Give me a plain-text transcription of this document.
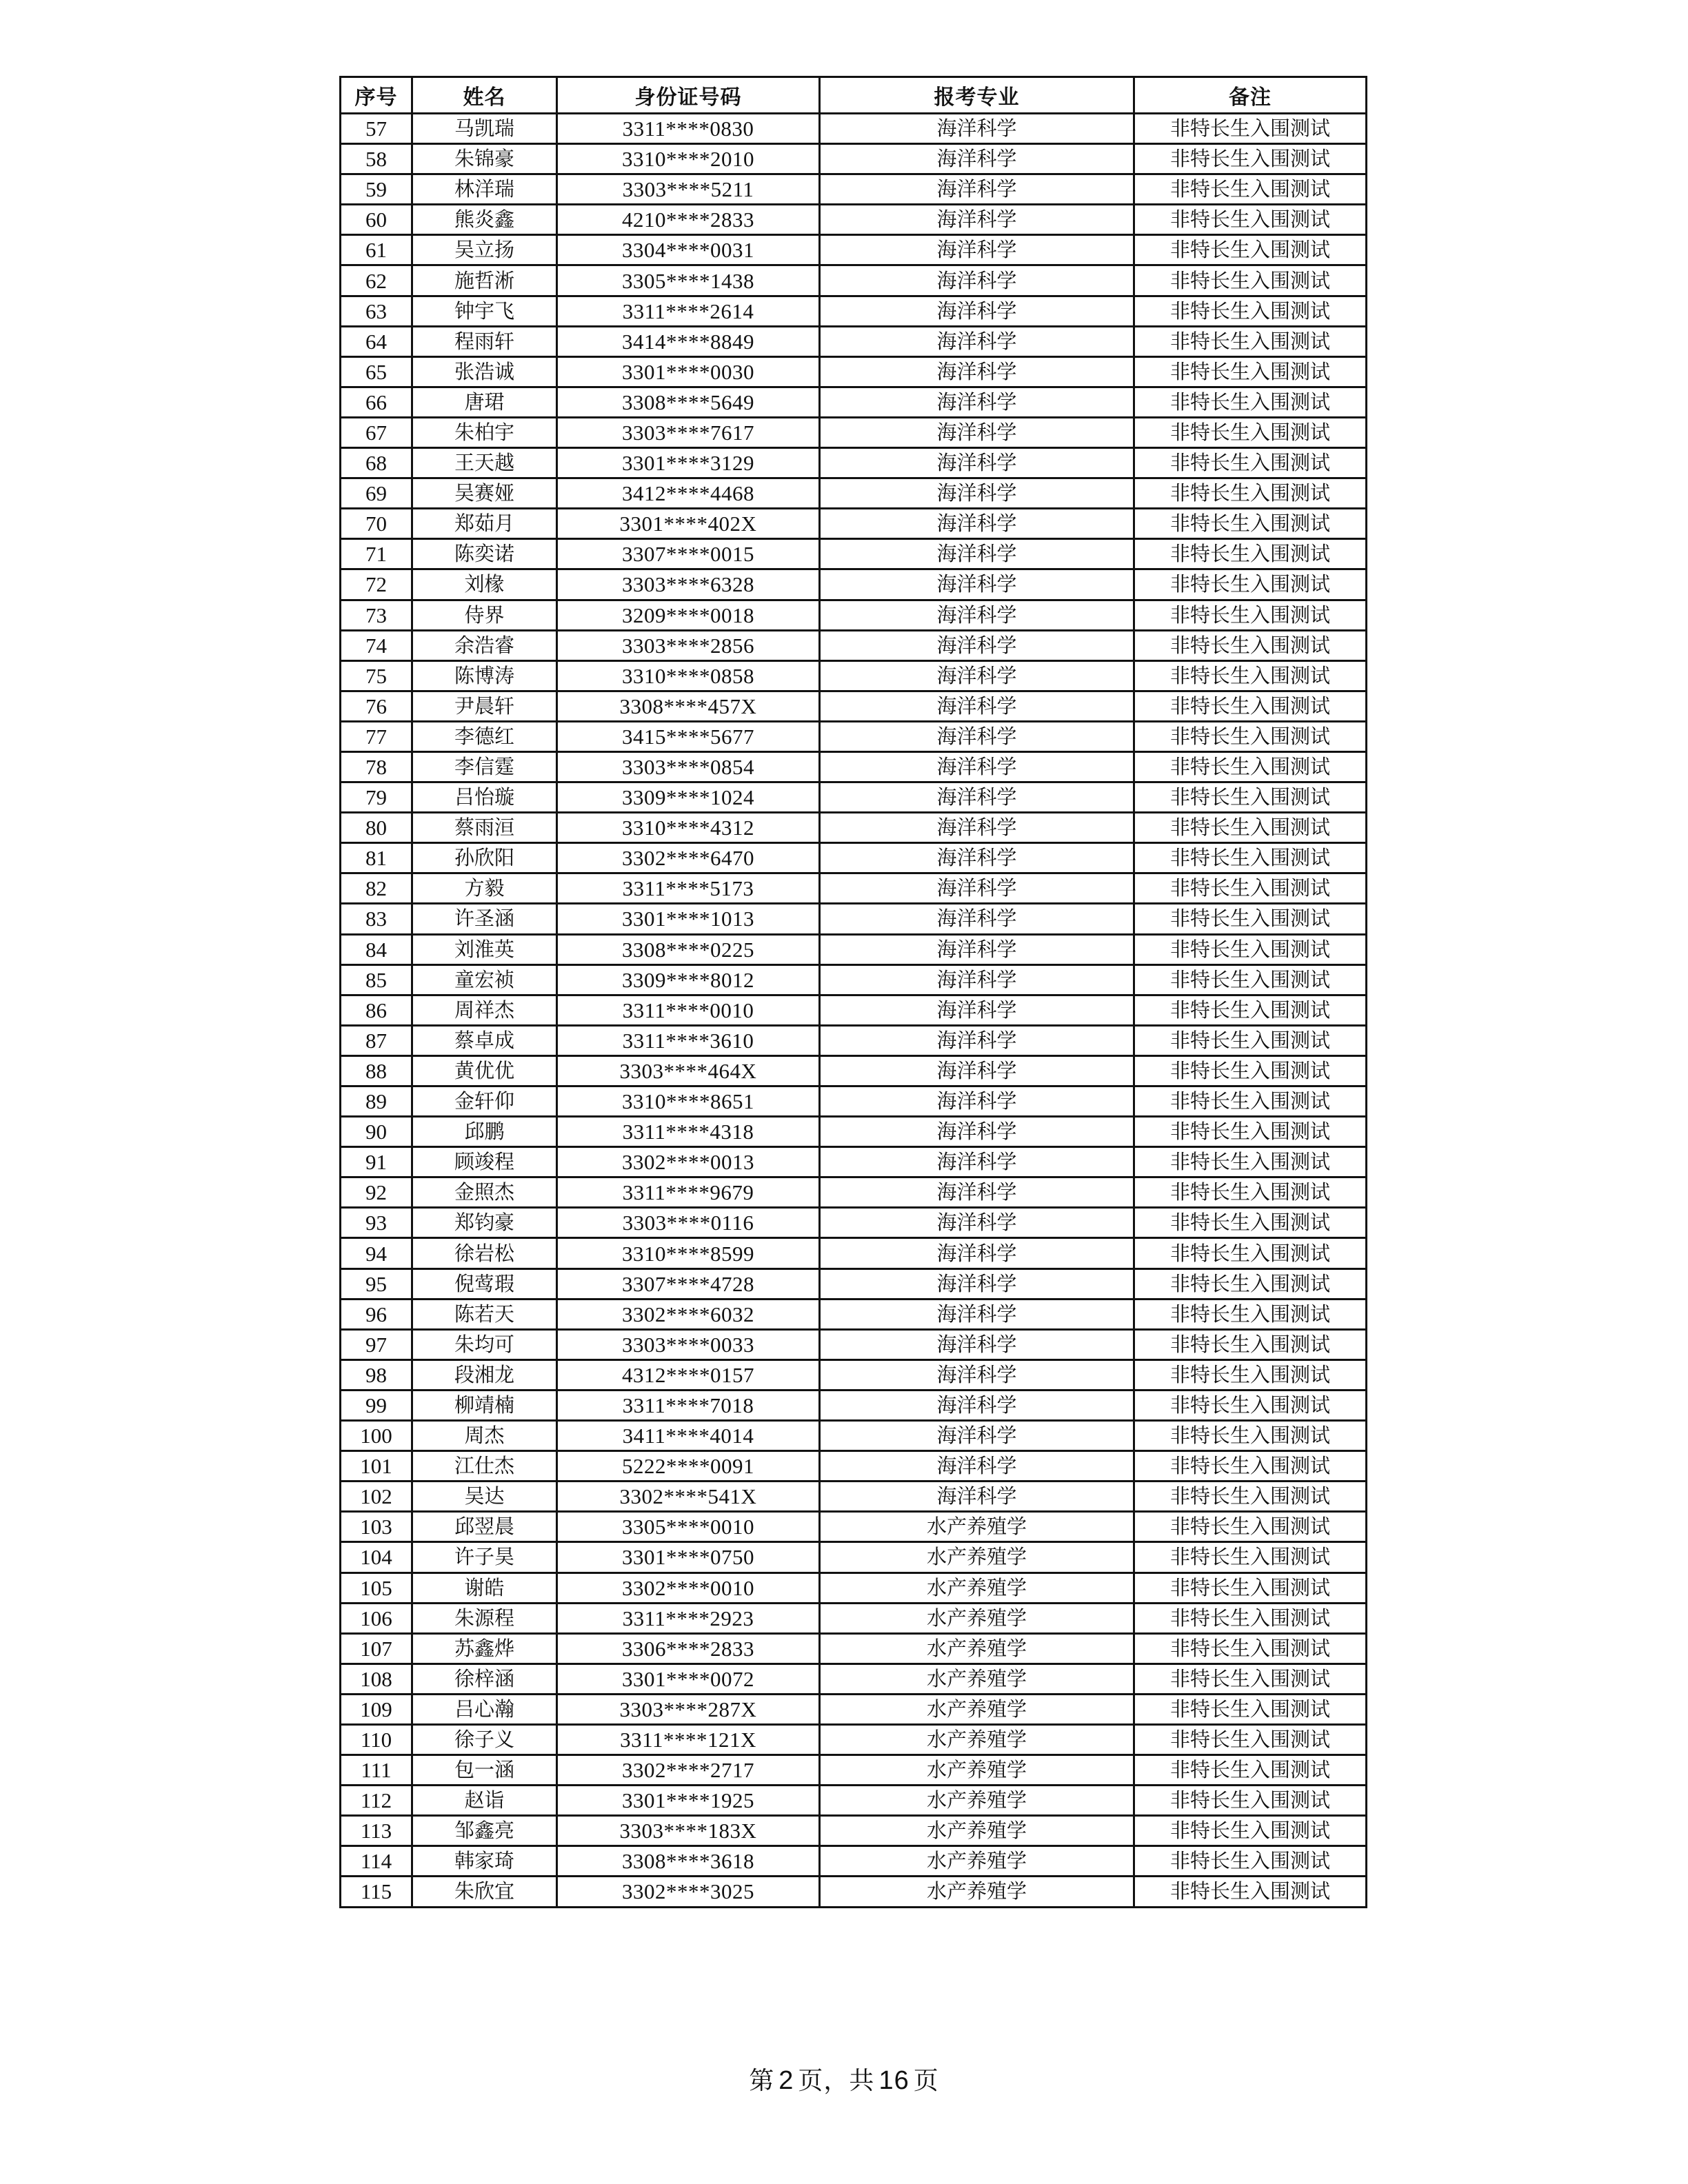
序号	姓名	身份证号码	报考专业	备注
57	马凯瑞	3311****0830	海洋科学	非特长生入围测试
58	朱锦豪	3310****2010	海洋科学	非特长生入围测试
59	林洋瑞	3303****5211	海洋科学	非特长生入围测试
60	熊炎鑫	4210****2833	海洋科学	非特长生入围测试
61	吴立扬	3304****0031	海洋科学	非特长生入围测试
62	施哲淅	3305****1438	海洋科学	非特长生入围测试
63	钟宇飞	3311****2614	海洋科学	非特长生入围测试
64	程雨轩	3414****8849	海洋科学	非特长生入围测试
65	张浩诚	3301****0030	海洋科学	非特长生入围测试
66	唐珺	3308****5649	海洋科学	非特长生入围测试
67	朱柏宇	3303****7617	海洋科学	非特长生入围测试
68	王天越	3301****3129	海洋科学	非特长生入围测试
69	吴赛娅	3412****4468	海洋科学	非特长生入围测试
70	郑茹月	3301****402X	海洋科学	非特长生入围测试
71	陈奕诺	3307****0015	海洋科学	非特长生入围测试
72	刘椽	3303****6328	海洋科学	非特长生入围测试
73	侍界	3209****0018	海洋科学	非特长生入围测试
74	余浩睿	3303****2856	海洋科学	非特长生入围测试
75	陈博涛	3310****0858	海洋科学	非特长生入围测试
76	尹晨轩	3308****457X	海洋科学	非特长生入围测试
77	李德红	3415****5677	海洋科学	非特长生入围测试
78	李信霆	3303****0854	海洋科学	非特长生入围测试
79	吕怡璇	3309****1024	海洋科学	非特长生入围测试
80	蔡雨洹	3310****4312	海洋科学	非特长生入围测试
81	孙欣阳	3302****6470	海洋科学	非特长生入围测试
82	方毅	3311****5173	海洋科学	非特长生入围测试
83	许圣涵	3301****1013	海洋科学	非特长生入围测试
84	刘淮英	3308****0225	海洋科学	非特长生入围测试
85	童宏祯	3309****8012	海洋科学	非特长生入围测试
86	周祥杰	3311****0010	海洋科学	非特长生入围测试
87	蔡卓成	3311****3610	海洋科学	非特长生入围测试
88	黄优优	3303****464X	海洋科学	非特长生入围测试
89	金轩仰	3310****8651	海洋科学	非特长生入围测试
90	邱鹏	3311****4318	海洋科学	非特长生入围测试
91	顾竣程	3302****0013	海洋科学	非特长生入围测试
92	金照杰	3311****9679	海洋科学	非特长生入围测试
93	郑钧豪	3303****0116	海洋科学	非特长生入围测试
94	徐岩松	3310****8599	海洋科学	非特长生入围测试
95	倪莺瑕	3307****4728	海洋科学	非特长生入围测试
96	陈若天	3302****6032	海洋科学	非特长生入围测试
97	朱均可	3303****0033	海洋科学	非特长生入围测试
98	段湘龙	4312****0157	海洋科学	非特长生入围测试
99	柳靖楠	3311****7018	海洋科学	非特长生入围测试
100	周杰	3411****4014	海洋科学	非特长生入围测试
101	江仕杰	5222****0091	海洋科学	非特长生入围测试
102	吴达	3302****541X	海洋科学	非特长生入围测试
103	邱翌晨	3305****0010	水产养殖学	非特长生入围测试
104	许子昊	3301****0750	水产养殖学	非特长生入围测试
105	谢皓	3302****0010	水产养殖学	非特长生入围测试
106	朱源程	3311****2923	水产养殖学	非特长生入围测试
107	苏鑫烨	3306****2833	水产养殖学	非特长生入围测试
108	徐梓涵	3301****0072	水产养殖学	非特长生入围测试
109	吕心瀚	3303****287X	水产养殖学	非特长生入围测试
110	徐子义	3311****121X	水产养殖学	非特长生入围测试
111	包一涵	3302****2717	水产养殖学	非特长生入围测试
112	赵诣	3301****1925	水产养殖学	非特长生入围测试
113	邹鑫亮	3303****183X	水产养殖学	非特长生入围测试
114	韩家琦	3308****3618	水产养殖学	非特长生入围测试
115	朱欣宜	3302****3025	水产养殖学	非特长生入围测试
第 2 页，共 16 页
